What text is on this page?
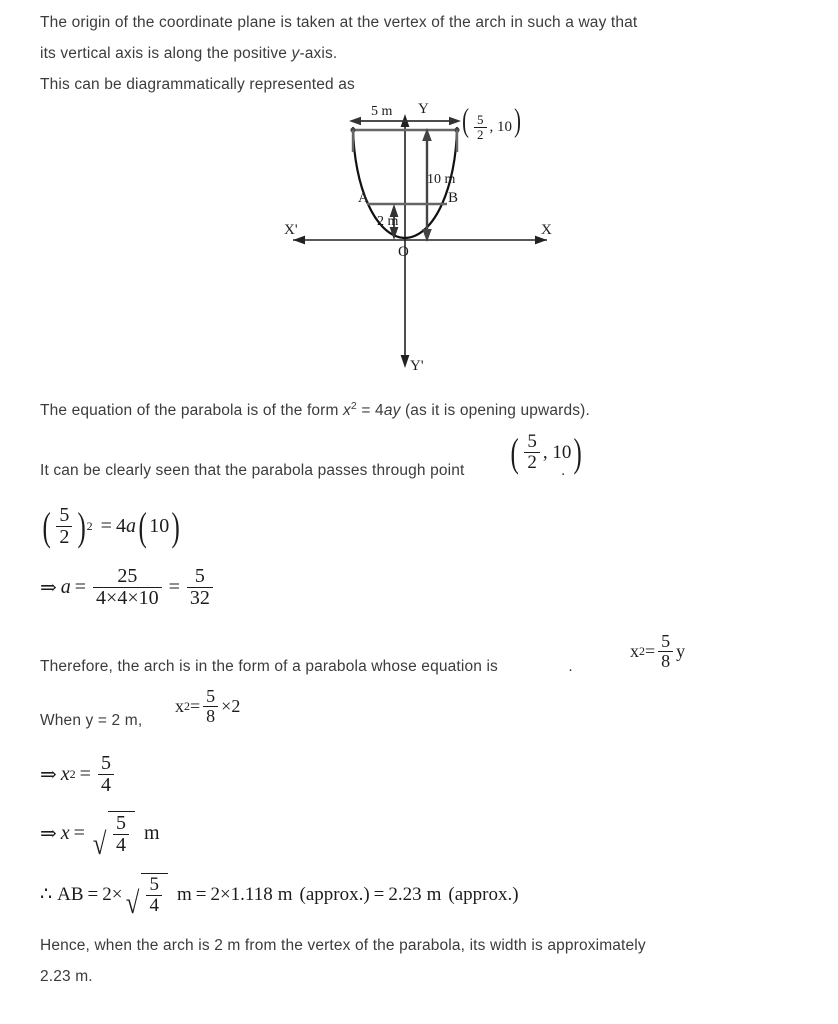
The origin of the coordinate plane is taken at the vertex of the arch in such a way that
its vertical axis is along the positive y-axis.
This can be diagrammatically represented as
5 m Y
Y'
X
X'
O
A	B
10 m
2 m
( $\frac{5}{2}$ , 10)
The equation of the parabola is of the form $x^2 = 4ay$ (as it is opening upwards).
It can be clearly seen that the parabola passes through point	.
( $\frac{5}{2}$ , 10 )
( $\frac{5}{2}$ ) 2 = 4 a ( 10 )
⇒ $a = \frac{25}{4\times 4\times 10} = \frac{5}{32}$
Therefore, the arch is in the form of a parabola whose equation is	.
x $2 = \frac{5}{8}$ y
When y = 2 m,
x $2 = \frac{5}{8} \times 2$
⇒ x $2 = \frac{5}{4}$
⇒ x = √ $\frac{5}{4}$ m
∴ AB = 2× √ $\frac{5}{4}$ m = 2×1.118 m (approx.) = 2.23 m (approx.)
Hence, when the arch is 2 m from the vertex of the parabola, its width is approximately
2.23 m.
